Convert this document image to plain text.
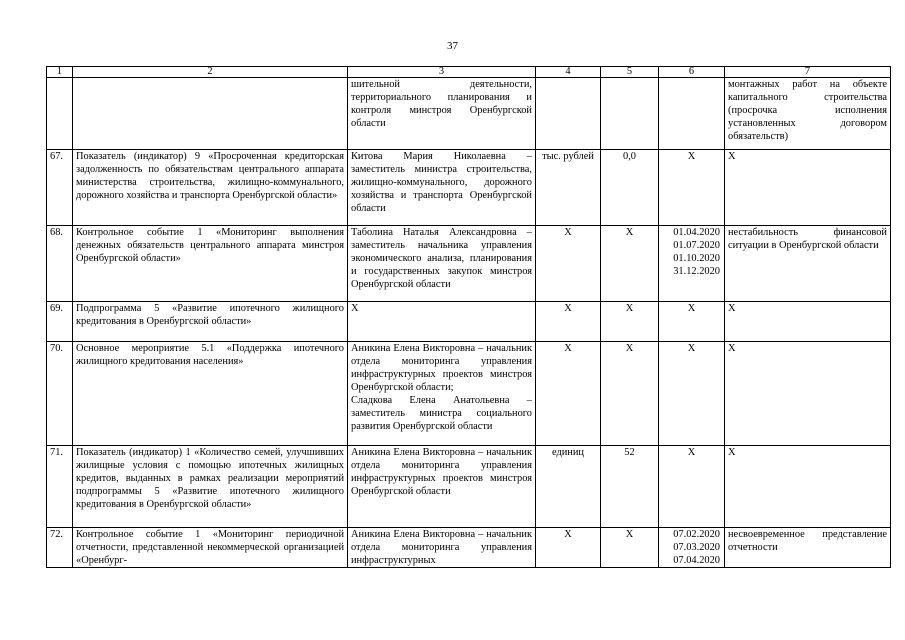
37
1	2	3	4	5	6	7
		шительной деятельности, территориального планирования и контроля минстроя Оренбургской области				монтажных работ на объекте капитального строительства (просрочка исполнения установленных договором обязательств)
67.	Показатель (индикатор) 9 «Просроченная кредиторская задолженность по обязательствам центрального аппарата министерства строительства, жилищно-коммунального, дорожного хозяйства и транспорта Оренбургской области»	Китова Мария Николаевна – заместитель министра строительства, жилищно-коммунального, дорожного хозяйства и транспорта Оренбургской области	тыс. рублей	0,0	X	X
68.	Контрольное событие 1 «Мониторинг выполнения денежных обязательств центрального аппарата минстроя Оренбургской области»	Таболина Наталья Александровна – заместитель начальника управления экономического анализа, планирования и государственных закупок минстроя Оренбургской области	X	X	01.04.2020
01.07.2020
01.10.2020
31.12.2020	нестабильность финансовой ситуации в Оренбургской области
69.	Подпрограмма 5 «Развитие ипотечного жилищного кредитования в Оренбургской области»	X	X	X	X	X
70.	Основное мероприятие 5.1 «Поддержка ипотечного жилищного кредитования населения»	Аникина Елена Викторовна – начальник отдела мониторинга управления инфраструктурных проектов минстроя Оренбургской области;
Сладкова Елена Анатольевна – заместитель министра социального развития Оренбургской области	X	X	X	X
71.	Показатель (индикатор) 1 «Количество семей, улучшивших жилищные условия с помощью ипотечных жилищных кредитов, выданных в рамках реализации мероприятий подпрограммы 5 «Развитие ипотечного жилищного кредитования в Оренбургской области»	Аникина Елена Викторовна – начальник отдела мониторинга управления инфраструктурных проектов минстроя Оренбургской области	единиц	52	X	X
72.	Контрольное событие 1 «Мониторинг периодичной отчетности, представленной некоммерческой организацией «Оренбург-	Аникина Елена Викторовна – начальник отдела мониторинга управления инфраструктурных	X	X	07.02.2020
07.03.2020
07.04.2020	несвоевременное представление отчетности
